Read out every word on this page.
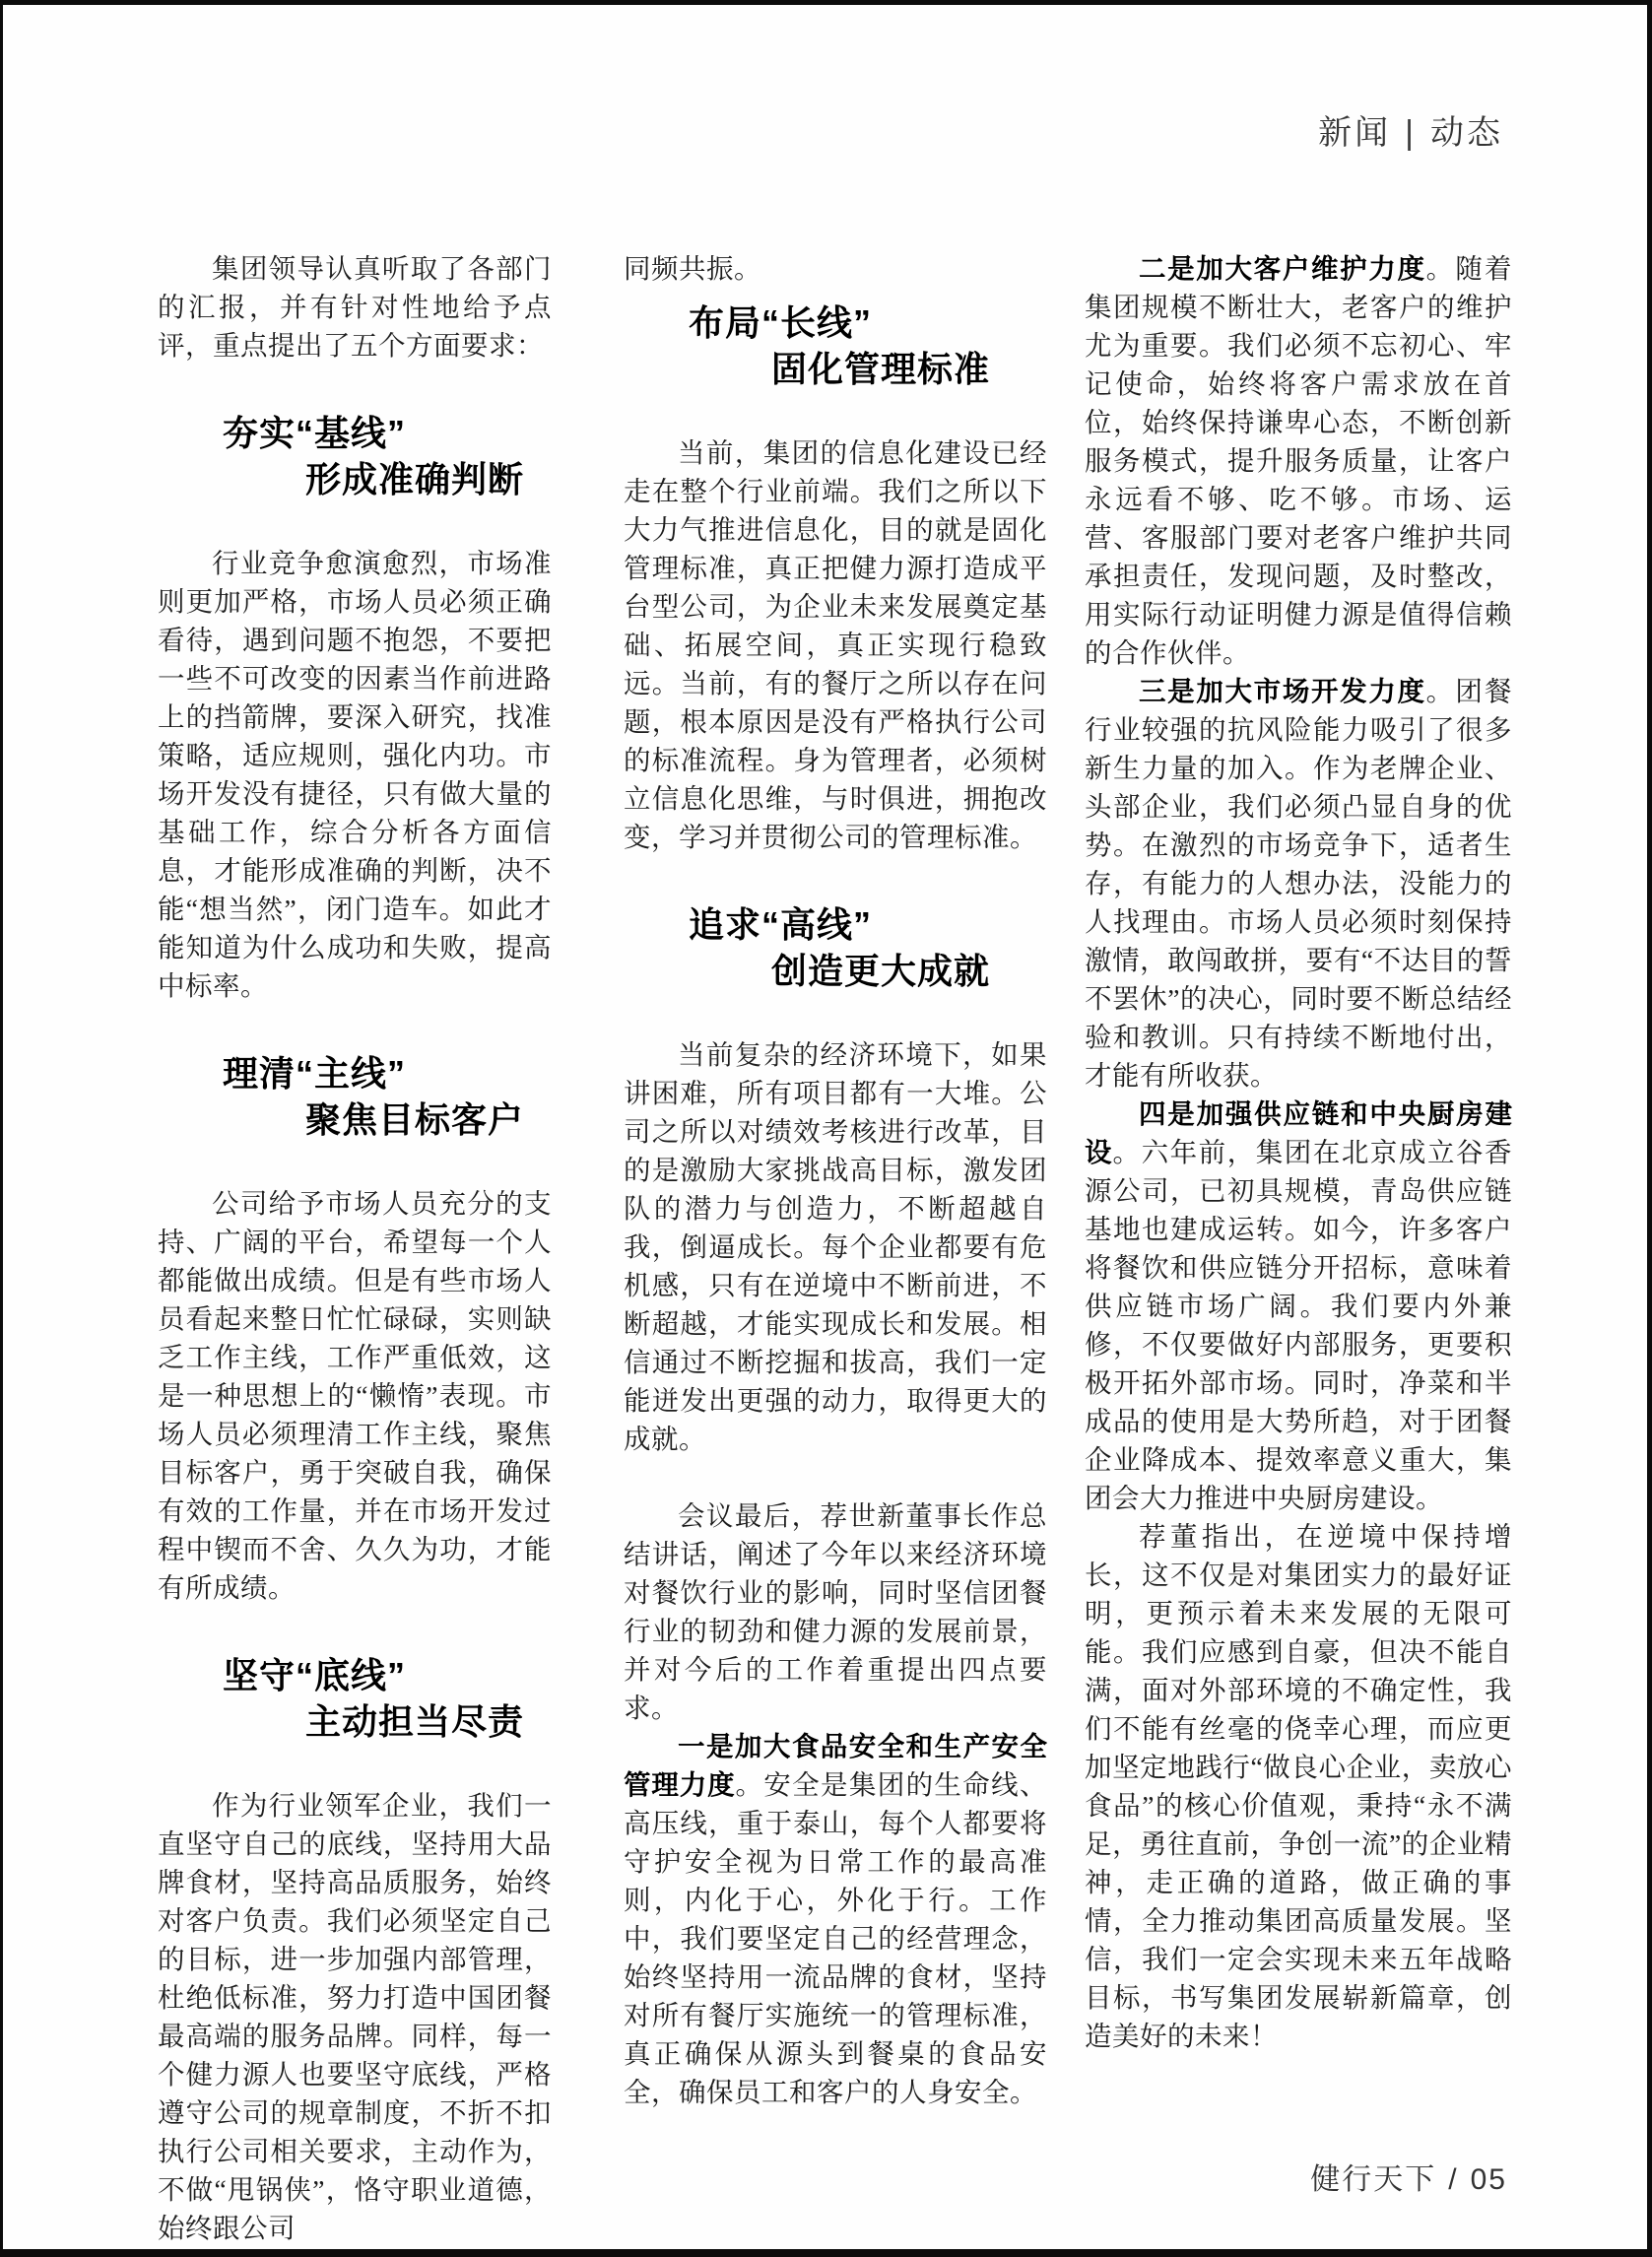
新闻 | 动态

集团领导认真听取了各部门的汇报，并有针对性地给予点评，重点提出了五个方面要求：

夯实“基线”
形成准确判断

行业竞争愈演愈烈，市场准则更加严格，市场人员必须正确看待，遇到问题不抱怨，不要把一些不可改变的因素当作前进路上的挡箭牌，要深入研究，找准策略，适应规则，强化内功。市场开发没有捷径，只有做大量的基础工作，综合分析各方面信息，才能形成准确的判断，决不能“想当然”，闭门造车。如此才能知道为什么成功和失败，提高中标率。

理清“主线”
聚焦目标客户

公司给予市场人员充分的支持、广阔的平台，希望每一个人都能做出成绩。但是有些市场人员看起来整日忙忙碌碌，实则缺乏工作主线，工作严重低效，这是一种思想上的“懒惰”表现。市场人员必须理清工作主线，聚焦目标客户，勇于突破自我，确保有效的工作量，并在市场开发过程中锲而不舍、久久为功，才能有所成绩。

坚守“底线”
主动担当尽责

作为行业领军企业，我们一直坚守自己的底线，坚持用大品牌食材，坚持高品质服务，始终对客户负责。我们必须坚定自己的目标，进一步加强内部管理，杜绝低标准，努力打造中国团餐最高端的服务品牌。同样，每一个健力源人也要坚守底线，严格遵守公司的规章制度，不折不扣执行公司相关要求，主动作为，不做“甩锅侠”，恪守职业道德，始终跟公司

同频共振。

布局“长线”
固化管理标准

当前，集团的信息化建设已经走在整个行业前端。我们之所以下大力气推进信息化，目的就是固化管理标准，真正把健力源打造成平台型公司，为企业未来发展奠定基础、拓展空间，真正实现行稳致远。当前，有的餐厅之所以存在问题，根本原因是没有严格执行公司的标准流程。身为管理者，必须树立信息化思维，与时俱进，拥抱改变，学习并贯彻公司的管理标准。

追求“高线”
创造更大成就

当前复杂的经济环境下，如果讲困难，所有项目都有一大堆。公司之所以对绩效考核进行改革，目的是激励大家挑战高目标，激发团队的潜力与创造力，不断超越自我，倒逼成长。每个企业都要有危机感，只有在逆境中不断前进，不断超越，才能实现成长和发展。相信通过不断挖掘和拔高，我们一定能迸发出更强的动力，取得更大的成就。

会议最后，荐世新董事长作总结讲话，阐述了今年以来经济环境对餐饮行业的影响，同时坚信团餐行业的韧劲和健力源的发展前景，并对今后的工作着重提出四点要求。

一是加大食品安全和生产安全管理力度。安全是集团的生命线、高压线，重于泰山，每个人都要将守护安全视为日常工作的最高准则，内化于心，外化于行。工作中，我们要坚定自己的经营理念，始终坚持用一流品牌的食材，坚持对所有餐厅实施统一的管理标准，真正确保从源头到餐桌的食品安全，确保员工和客户的人身安全。

二是加大客户维护力度。随着集团规模不断壮大，老客户的维护尤为重要。我们必须不忘初心、牢记使命，始终将客户需求放在首位，始终保持谦卑心态，不断创新服务模式，提升服务质量，让客户永远看不够、吃不够。市场、运营、客服部门要对老客户维护共同承担责任，发现问题，及时整改，用实际行动证明健力源是值得信赖的合作伙伴。

三是加大市场开发力度。团餐行业较强的抗风险能力吸引了很多新生力量的加入。作为老牌企业、头部企业，我们必须凸显自身的优势。在激烈的市场竞争下，适者生存，有能力的人想办法，没能力的人找理由。市场人员必须时刻保持激情，敢闯敢拼，要有“不达目的誓不罢休”的决心，同时要不断总结经验和教训。只有持续不断地付出，才能有所收获。

四是加强供应链和中央厨房建设。六年前，集团在北京成立谷香源公司，已初具规模，青岛供应链基地也建成运转。如今，许多客户将餐饮和供应链分开招标，意味着供应链市场广阔。我们要内外兼修，不仅要做好内部服务，更要积极开拓外部市场。同时，净菜和半成品的使用是大势所趋，对于团餐企业降成本、提效率意义重大，集团会大力推进中央厨房建设。

荐董指出，在逆境中保持增长，这不仅是对集团实力的最好证明，更预示着未来发展的无限可能。我们应感到自豪，但决不能自满，面对外部环境的不确定性，我们不能有丝毫的侥幸心理，而应更加坚定地践行“做良心企业，卖放心食品”的核心价值观，秉持“永不满足，勇往直前，争创一流”的企业精神，走正确的道路，做正确的事情，全力推动集团高质量发展。坚信，我们一定会实现未来五年战略目标，书写集团发展崭新篇章，创造美好的未来！

健行天下 / 05
